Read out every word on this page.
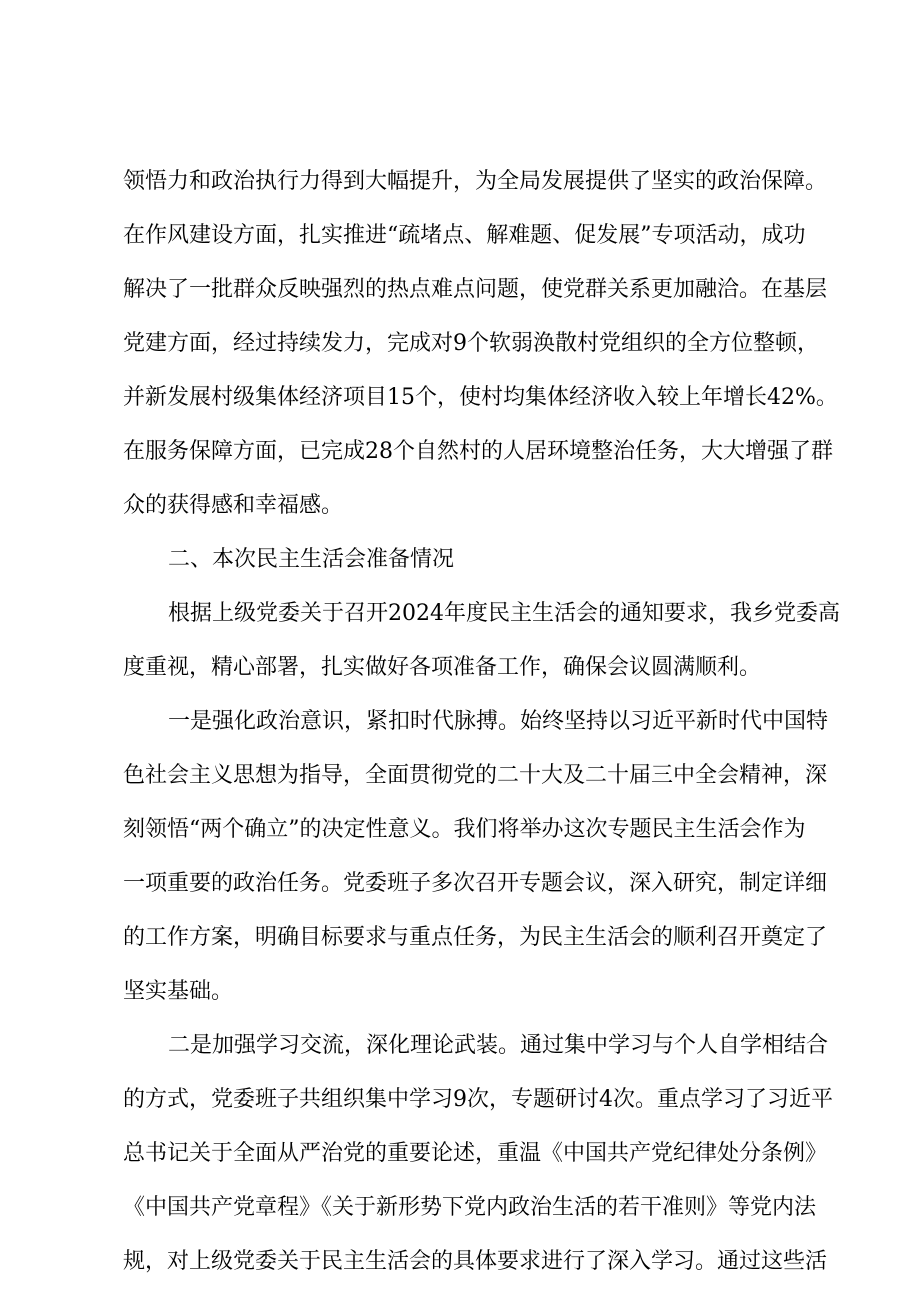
领悟力和政治执行力得到大幅提升，为全局发展提供了坚实的政治保障。
在作风建设方面，扎实推进“疏堵点、解难题、促发展”专项活动，成功
解决了一批群众反映强烈的热点难点问题，使党群关系更加融洽。在基层
党建方面，经过持续发力，完成对9个软弱涣散村党组织的全方位整顿，
并新发展村级集体经济项目15个，使村均集体经济收入较上年增长42%。
在服务保障方面，已完成28个自然村的人居环境整治任务，大大增强了群
众的获得感和幸福感。
二、本次民主生活会准备情况
根据上级党委关于召开2024年度民主生活会的通知要求，我乡党委高
度重视，精心部署，扎实做好各项准备工作，确保会议圆满顺利。
一是强化政治意识，紧扣时代脉搏。始终坚持以习近平新时代中国特
色社会主义思想为指导，全面贯彻党的二十大及二十届三中全会精神，深
刻领悟“两个确立”的决定性意义。我们将举办这次专题民主生活会作为
一项重要的政治任务。党委班子多次召开专题会议，深入研究，制定详细
的工作方案，明确目标要求与重点任务，为民主生活会的顺利召开奠定了
坚实基础。
二是加强学习交流，深化理论武装。通过集中学习与个人自学相结合
的方式，党委班子共组织集中学习9次，专题研讨4次。重点学习了习近平
总书记关于全面从严治党的重要论述，重温《中国共产党纪律处分条例》
《中国共产党章程》《关于新形势下党内政治生活的若干准则》等党内法
规，对上级党委关于民主生活会的具体要求进行了深入学习。通过这些活
